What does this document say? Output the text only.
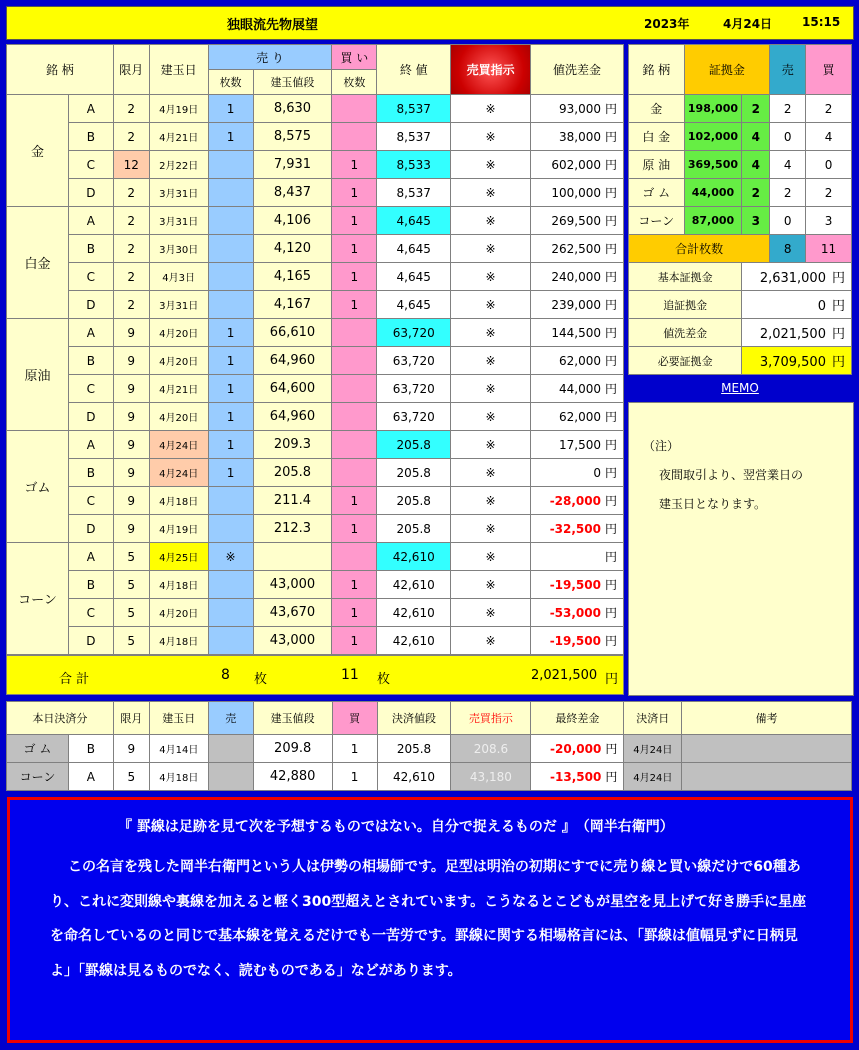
独眼流先物展望	2023年	4月24日 15:15
銘 柄		限月	建玉日	売 り		買 い	終 値	売買指示	値洗差金
				枚数	建玉値段	枚数			
金	A	2	4月19日	1	8,630		8,537	※	93,000 円
	B	2	4月21日	1	8,575		8,537	※	38,000 円
	C	12	2月22日		7,931	1	8,533	※	602,000 円
	D	2	3月31日		8,437	1	8,537	※	100,000 円
白金	A	2	3月31日		4,106	1	4,645	※	269,500 円
	B	2	3月30日		4,120	1	4,645	※	262,500 円
	C	2	4月3日		4,165	1	4,645	※	240,000 円
	D	2	3月31日		4,167	1	4,645	※	239,000 円
原油	A	9	4月20日	1	66,610		63,720	※	144,500 円
	B	9	4月20日	1	64,960		63,720	※	62,000 円
	C	9	4月21日	1	64,600		63,720	※	44,000 円
	D	9	4月20日	1	64,960		63,720	※	62,000 円
ゴム	A	9	4月24日	1	209.3		205.8	※	17,500 円
	B	9	4月24日	1	205.8		205.8	※	0 円
	C	9	4月18日		211.4	1	205.8	※	-28,000 円
	D	9	4月19日		212.3	1	205.8	※	-32,500 円
コーン	A	5	4月25日	※			42,610	※	円
	B	5	4月18日		43,000	1	42,610	※	-19,500 円
	C	5	4月20日		43,670	1	42,610	※	-53,000 円
	D	5	4月18日		43,000	1	42,610	※	-19,500 円
合 計	8 枚	11 枚	2,021,500 円
銘 柄	証拠金		売	買
金	198,000	2	2	2
白 金	102,000	4	0	4
原 油	369,500	4	4	0
ゴ ム	44,000	2	2	2
コーン	87,000	3	0	3
合計枚数			8	11
基本証拠金		2,631,000 円		
追証拠金		0 円		
値洗差金		2,021,500 円		
必要証拠金		3,709,500 円		
MEMO
（注）
夜間取引より、翌営業日の
建玉日となります。
本日決済分		限月	建玉日	売	建玉値段	買	決済値段	売買指示	最終差金	決済日	備考
ゴ ム	B	9	4月14日		209.8	1	205.8	208.6	-20,000 円	4月24日	
コーン	A	5	4月18日		42,880	1	42,610	43,180	-13,500 円	4月24日	
『 罫線は足跡を見て次を予想するものではない。自分で捉えるものだ 』　（岡半右衛門）
この名言を残した岡半右衛門という人は伊勢の相場師です。足型は明治の初期にすでに売り線と買い線だけで60種あり、これに変則線や裏線を加えると軽く300型超えとされています。こうなるとこどもが星空を見上げて好き勝手に星座を命名しているのと同じで基本線を覚えるだけでも一苦労です。罫線に関する相場格言には、「罫線は値幅見ずに日柄見よ」「罫線は見るものでなく、読むものである」などがあります。
